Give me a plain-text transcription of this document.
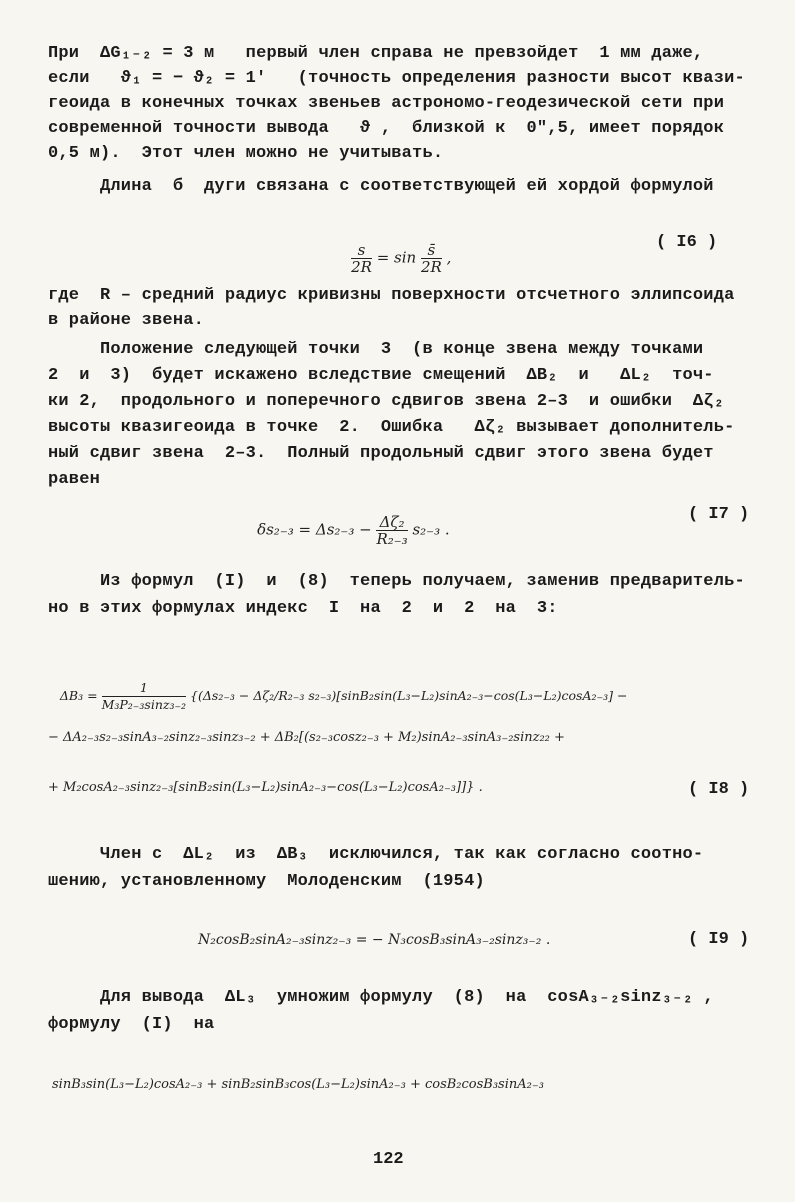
При  ΔG₁₋₂ = 3 м   первый член справа не превзойдет  1 мм даже,
если   ϑ₁ = − ϑ₂ = 1′   (точность определения разности высот квази-
геоида в конечных точках звеньев астрономо-геодезической сети при
современной точности вывода   ϑ ,  близкой к  0″,5, имеет порядок
0,5 м).  Этот член можно не учитывать.
Длина  б  дуги связана с соответствующей ей хордой формулой

$\frac{s}{2R} = \sin \frac{s̄}{2R}$ ,

( I6 )
где  R – средний радиус кривизны поверхности отсчетного эллипсоида
в районе звена.
Положение следующей точки  3  (в конце звена между точками
2  и  3)  будет искажено вследствие смещений  ΔB₂  и   ΔL₂  точ-
ки 2,  продольного и поперечного сдвигов звена 2–3  и ошибки  Δζ₂
высоты квазигеоида в точке  2.  Ошибка   Δζ₂ вызывает дополнитель-
ный сдвиг звена  2–3.  Полный продольный сдвиг этого звена будет
равен

$\delta s_{2-3} = \Delta s_{2-3} - \frac{\text{Δζ₂}}{\text{R₂₋₃}} s_{2-3}$ .

( I7 )
Из формул  (I)  и  (8)  теперь получаем, заменив предваритель-
но в этих формулах индекс  I  на  2  и  2  на  3:

$\Delta B_3 = \frac{1}{\text{M₃P₂₋₃sinz₃₋₂}} \{(\Delta s_{2-3} - \Delta\zeta_2/R_{2-3}$ s₂₋₃)[sinB₂sin(L₃−L₂)sinA₂₋₃−cos(L₃−L₂)cosA₂₋₃] −

− ΔA₂₋₃s₂₋₃sinA₃₋₂sinz₂₋₃sinz₃₋₂ + ΔB₂[(s₂₋₃cosz₂₋₃ + M₂)sinA₂₋₃sinA₃₋₂sinz₂₂ +
+ M₂cosA₂₋₃sinz₂₋₃[sinB₂sin(L₃−L₂)sinA₂₋₃−cos(L₃−L₂)cosA₂₋₃]]} .	( I8 )
Член с  ΔL₂  из  ΔB₃  исключился, так как согласно соотно-
шению, установленному  Молоденским  (1954)
N₂cosB₂sinA₂₋₃sinz₂₋₃ = − N₃cosB₃sinA₃₋₂sinz₃₋₂ .	( I9 )
Для вывода  ΔL₃  умножим формулу  (8)  на  cosA₃₋₂sinz₃₋₂ ,
формулу  (I)  на
sinB₃sin(L₃−L₂)cosA₂₋₃ + sinB₂sinB₃cos(L₃−L₂)sinA₂₋₃ + cosB₂cosB₃sinA₂₋₃
122
